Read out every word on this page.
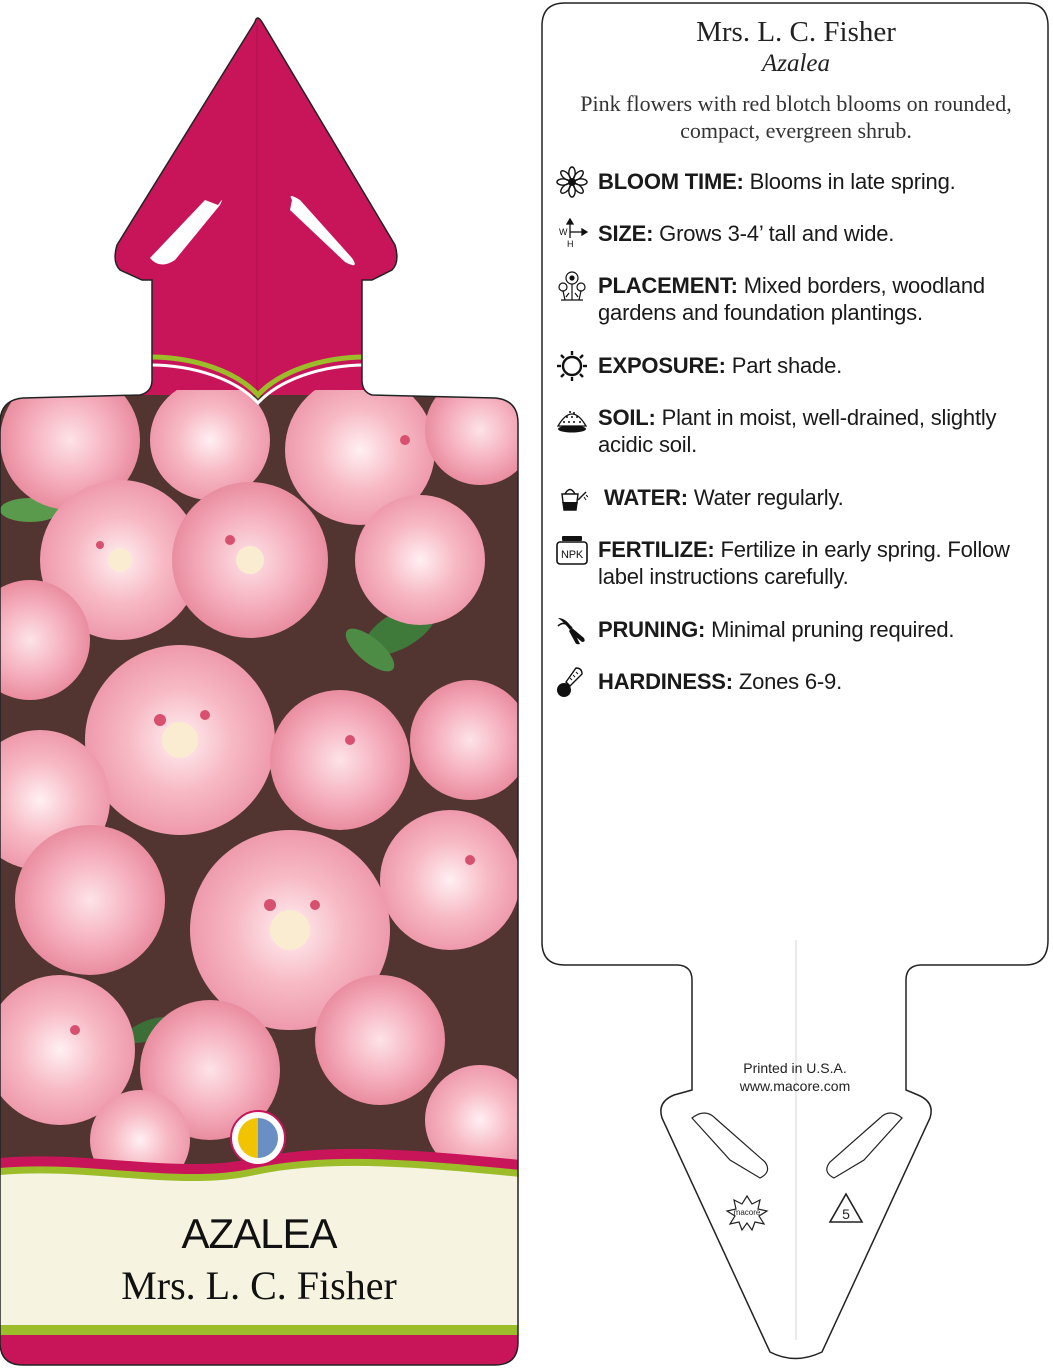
AZALEA
Mrs. L. C. Fisher
macore	5
Mrs. L. C. Fisher
Azalea
Pink flowers with red blotch blooms on rounded, compact, evergreen shrub.
BLOOM TIME: Blooms in late spring.
W
H SIZE: Grows 3-4’ tall and wide.
PLACEMENT: Mixed borders, woodland gardens and foundation plantings.
EXPOSURE: Part shade.
SOIL: Plant in moist, well-drained, slightly acidic soil.
WATER: Water regularly.
NPK FERTILIZE: Fertilize in early spring. Follow label instructions carefully.
PRUNING: Minimal pruning required.
HARDINESS: Zones 6-9.
Printed in U.S.A.
www.macore.com
